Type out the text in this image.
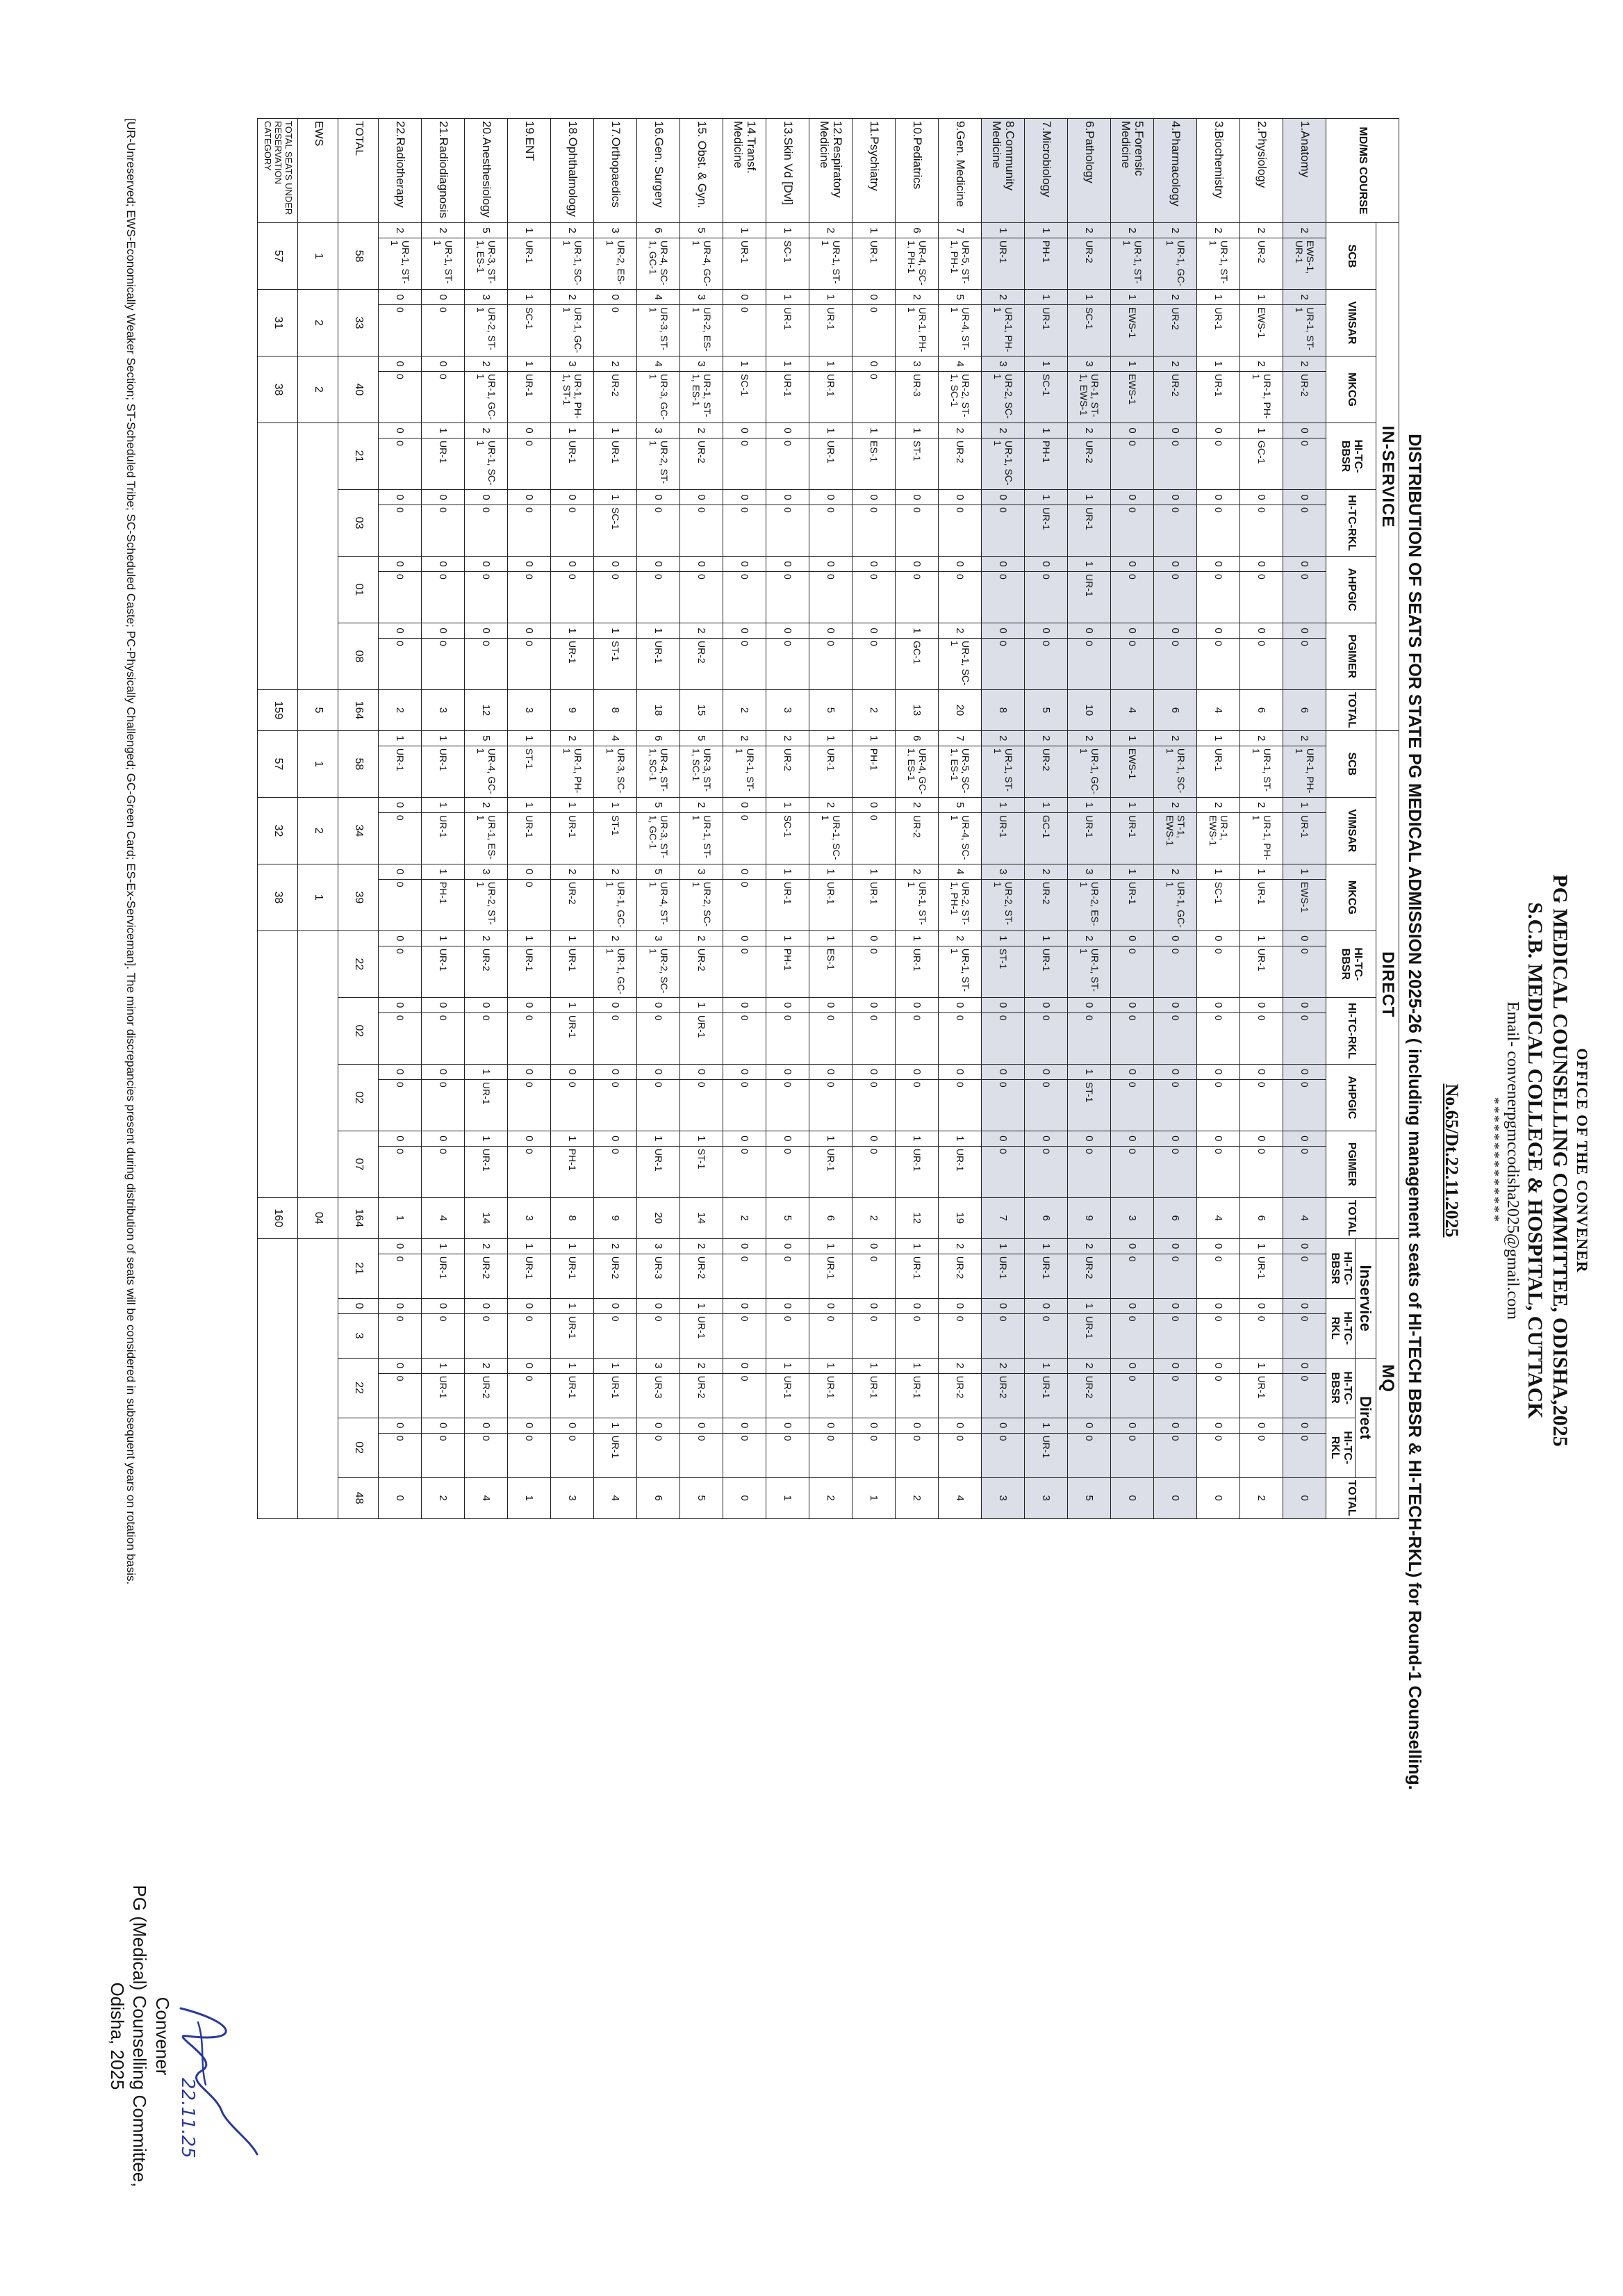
OFFICE OF THE CONVENER
PG MEDICAL COUNSELLING COMMITTEE, ODISHA,2025
S.C.B. MEDICAL COLLEGE & HOSPITAL, CUTTACK
Email- convenerpgmccodisha2025@gmail.com
**************
No.65/Dt.22.11.2025
DISTRIBUTION OF SEATS FOR STATE PG MEDICAL ADMISSION 2025-26 ( including management seats of HI-TECH BBSR & HI-TECH-RKL) for Round-1 Counselling.
MD/MS COURSE	IN-SERVICE															DIRECT															MQ								
	SCB		VIMSAR		MKCG		HI-TC-BBSR		HI-TC-RKL		AHPGIC		PGIMER		TOTAL	SCB		VIMSAR		MKCG		HI-TC-BBSR		HI-TC-RKL		AHPGIC		PGIMER		TOTAL	Inservice				Direct				TOTAL
																															HI-TC- BBSR		HI-TC- RKL		HI-TC- BBSR		HI-TC- RKL		
1.Anatomy	2	EWS-1, UR-1	2	UR-1, ST-1	2	UR-2	0	0	0	0	0	0	0	0	6	2	UR-1, PH-1	1	UR-1	1	EWS-1	0	0	0	0	0	0	0	0	4	0	0	0	0	0	0	0	0	0
2.Physiology	2	UR-2	1	EWS-1	2	UR-1, PH-1	1	GC-1	0	0	0	0	0	0	6	2	UR-1, ST-1	2	UR-1, PH-1	1	UR-1	1	UR-1	0	0	0	0	0	0	6	1	UR-1	0	0	1	UR-1	0	0	2
3.Biochemistry	2	UR-1, ST-1	1	UR-1	1	UR-1	0	0	0	0	0	0	0	0	4	1	UR-1	2	UR-1, EWS-1	1	SC-1	0	0	0	0	0	0	0	0	4	0	0	0	0	0	0	0	0	0
4.Pharmacology	2	UR-1, GC-1	2	UR-2	2	UR-2	0	0	0	0	0	0	0	0	6	2	UR-1, SC-1	2	ST-1, EWS-1	2	UR-1, GC-1	0	0	0	0	0	0	0	0	6	0	0	0	0	0	0	0	0	0
5.Forensic Medicine	2	UR-1, ST-1	1	EWS-1	1	EWS-1	0	0	0	0	0	0	0	0	4	1	EWS-1	1	UR-1	1	UR-1	0	0	0	0	0	0	0	0	3	0	0	0	0	0	0	0	0	0
6.Pathology	2	UR-2	1	SC-1	3	UR-1, ST-1, EWS-1	2	UR-2	1	UR-1	1	UR-1	0	0	10	2	UR-1, GC-1	1	UR-1	3	UR-2, ES-1	2	UR-1, ST-1	0	0	1	ST-1	0	0	9	2	UR-2	1	UR-1	2	UR-2	0	0	5
7.Microbiology	1	PH-1	1	UR-1	1	SC-1	1	PH-1	1	UR-1	0	0	0	0	5	2	UR-2	1	GC-1	2	UR-2	1	UR-1	0	0	0	0	0	0	6	1	UR-1	0	0	1	UR-1	1	UR-1	3
8.Community Medicine	1	UR-1	2	UR-1, PH-1	3	UR-2, SC-1	2	UR-1, SC-1	0	0	0	0	0	0	8	2	UR-1, ST-1	1	UR-1	3	UR-2, ST-1	1	ST-1	0	0	0	0	0	0	7	1	UR-1	0	0	2	UR-2	0	0	3
9.Gen. Medicine	7	UR-5, ST-1, PH-1	5	UR-4, ST-1	4	UR-2, ST-1, SC-1	2	UR-2	0	0	0	0	2	UR-1, SC-1	20	7	UR-5, SC-1, ES-1	5	UR-4, SC-1	4	UR-2, ST-1, PH-1	2	UR-1, ST-1	0	0	0	0	1	UR-1	19	2	UR-2	0	0	2	UR-2	0	0	4
10.Pediatrics	6	UR-4, SC-1, PH-1	2	UR-1, PH-1	3	UR-3	1	ST-1	0	0	0	0	1	GC-1	13	6	UR-4, GC-1, ES-1	2	UR-2	2	UR-1, ST-1	1	UR-1	0	0	0	0	1	UR-1	12	1	UR-1	0	0	1	UR-1	0	0	2
11.Psychiatry	1	UR-1	0	0	0	0	1	ES-1	0	0	0	0	0	0	2	1	PH-1	0	0	1	UR-1	0	0	0	0	0	0	0	0	2	0	0	0	0	1	UR-1	0	0	1
12.Respiratory Medicine	2	UR-1, ST-1	1	UR-1	1	UR-1	1	UR-1	0	0	0	0	0	0	5	1	UR-1	2	UR-1, SC-1	1	UR-1	1	ES-1	0	0	0	0	1	UR-1	6	1	UR-1	0	0	1	UR-1	0	0	2
13.Skin Vd [Dvl]	1	SC-1	1	UR-1	1	UR-1	0	0	0	0	0	0	0	0	3	2	UR-2	1	SC-1	1	UR-1	1	PH-1	0	0	0	0	0	0	5	0	0	0	0	1	UR-1	0	0	1
14.Transf. Medicine	1	UR-1	0	0	1	SC-1	0	0	0	0	0	0	0	0	2	2	UR-1, ST-1	0	0	0	0	0	0	0	0	0	0	0	0	2	0	0	0	0	0	0	0	0	0
15. Obst. & Gyn.	5	UR-4, GC-1	3	UR-2, ES-1	3	UR-1, ST-1, ES-1	2	UR-2	0	0	0	0	2	UR-2	15	5	UR-3, ST-1, SC-1	2	UR-1, ST-1	3	UR-2, SC-1	2	UR-2	1	UR-1	0	0	1	ST-1	14	2	UR-2	1	UR-1	2	UR-2	0	0	5
16.Gen. Surgery	6	UR-4, SC-1, GC-1	4	UR-3, ST-1	4	UR-3, GC-1	3	UR-2, ST-1	0	0	0	0	1	UR-1	18	6	UR-4, ST-1, SC-1	5	UR-3, ST-1, GC-1	5	UR-4, ST-1	3	UR-2, SC-1	0	0	0	0	1	UR-1	20	3	UR-3	0	0	3	UR-3	0	0	6
17.Orthopaedics	3	UR-2, ES-1	0	0	2	UR-2	1	UR-1	1	SC-1	0	0	1	ST-1	8	4	UR-3, SC-1	1	ST-1	2	UR-1, GC-1	2	UR-1, GC-1	0	0	0	0	0	0	9	2	UR-2	0	0	1	UR-1	1	UR-1	4
18.Ophthalmology	2	UR-1, SC-1	2	UR-1, GC-1	3	UR-1, PH-1, ST-1	1	UR-1	0	0	0	0	1	UR-1	9	2	UR-1, PH-1	1	UR-1	2	UR-2	1	UR-1	1	UR-1	0	0	1	PH-1	8	1	UR-1	1	UR-1	1	UR-1	0	0	3
19.ENT	1	UR-1	1	SC-1	1	UR-1	0	0	0	0	0	0	0	0	3	1	ST-1	1	UR-1	0	0	1	UR-1	0	0	0	0	0	0	3	1	UR-1	0	0	0	0	0	0	1
20.Anesthesiology	5	UR-3, ST-1, ES-1	3	UR-2, ST-1	2	UR-1, GC-1	2	UR-1, SC-1	0	0	0	0	0	0	12	5	UR-4, GC-1	2	UR-1, ES-1	3	UR-2, ST-1	2	UR-2	0	0	1	UR-1	1	UR-1	14	2	UR-2	0	0	2	UR-2	0	0	4
21.Radiodiagnosis	2	UR-1, ST-1	0	0	0	0	1	UR-1	0	0	0	0	0	0	3	1	UR-1	1	UR-1	1	PH-1	1	UR-1	0	0	0	0	0	0	4	1	UR-1	0	0	1	UR-1	0	0	2
22.Radiotherapy	2	UR-1, ST-1	0	0	0	0	0	0	0	0	0	0	0	0	2	1	UR-1	0	0	0	0	0	0	0	0	0	0	0	0	1	0	0	0	0	0	0	0	0	0
TOTAL	58		33		40		21		03		01		08		164	58		34		39		22		02		02		07		164	21		0	3	22		02		48
EWS	1		2		2										5	1		2		1										04									
TOTAL SEATS UNDER RESERVATION CATEGORY	57		31		38										159	57		32		38										160									
[UR-Unreserved; EWS-Economically Weaker Section; ST-Scheduled Tribe; SC-Scheduled Caste; PC-Physically Challenged; GC-Green Card; ES-Ex-Serviceman]. The minor discrepancies present during distribution of seats will be considered in subsequent years on rotation basis.
22.11.25
Convener
PG (Medical) Counselling Committee,
Odisha, 2025
